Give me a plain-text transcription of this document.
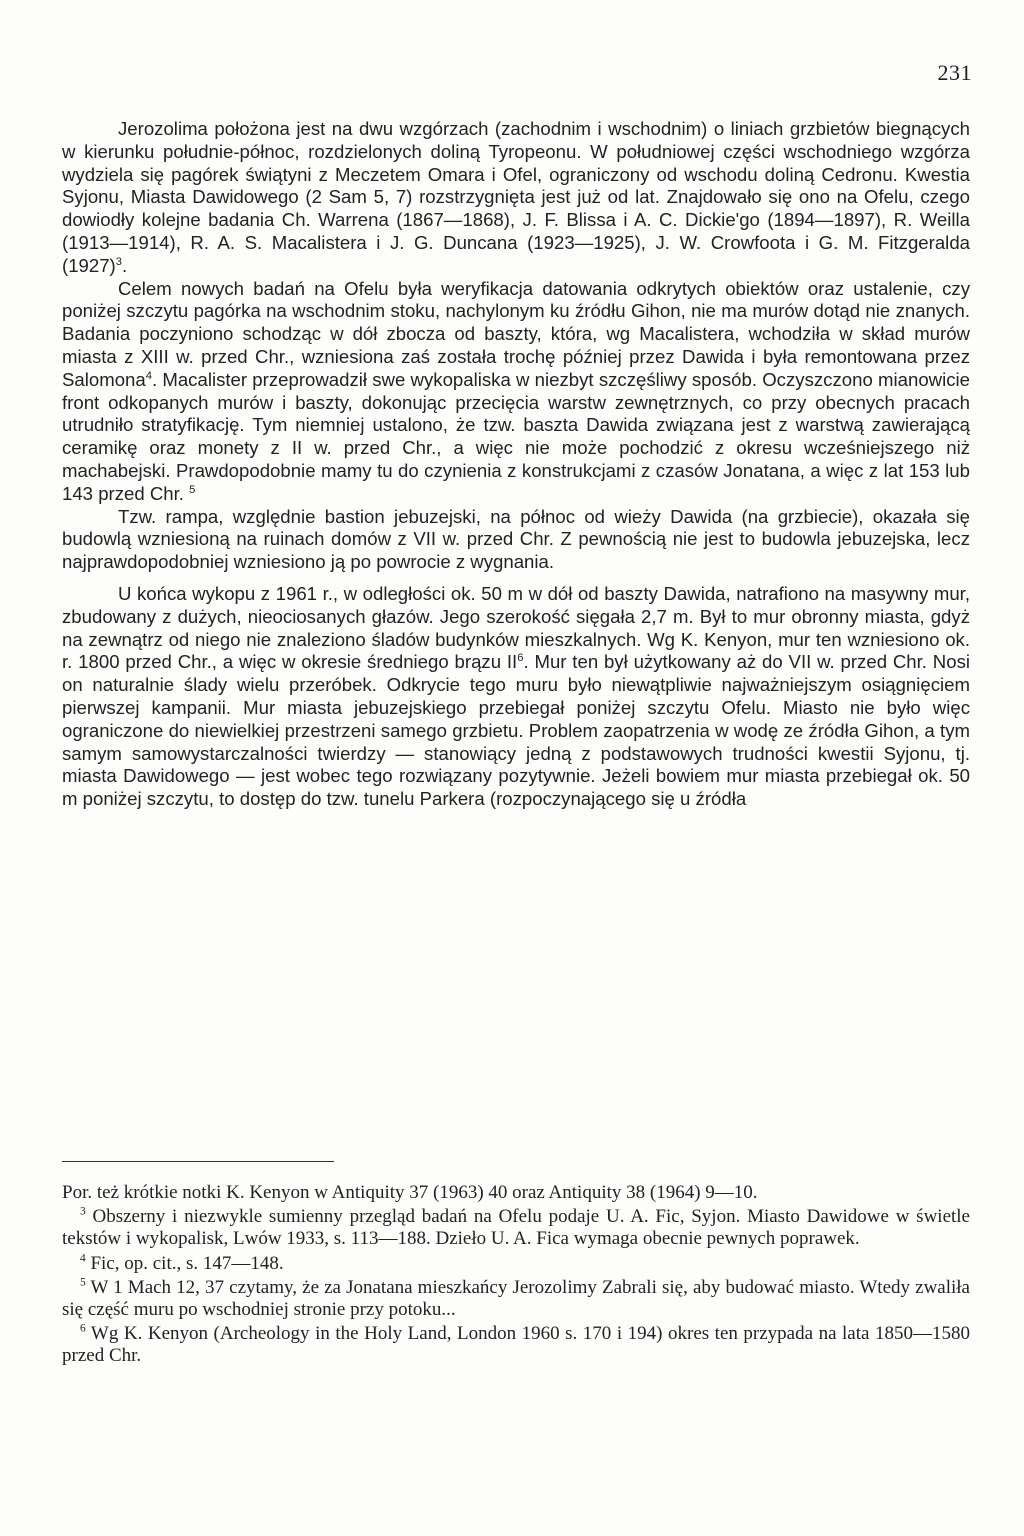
231

Jerozolima położona jest na dwu wzgórzach (zachodnim i wschodnim) o liniach grzbietów biegnących w kierunku południe-północ, rozdzielonych doliną Tyropeonu. W południowej części wschodniego wzgórza wydziela się pagórek świątyni z Meczetem Omara i Ofel, ograniczony od wschodu doliną Cedronu. Kwestia Syjonu, Miasta Dawidowego (2 Sam 5, 7) rozstrzygnięta jest już od lat. Znajdowało się ono na Ofelu, czego dowiodły kolejne badania Ch. Warrena (1867—1868), J. F. Blissa i A. C. Dickie'go (1894—1897), R. Weilla (1913—1914), R. A. S. Macalistera i J. G. Duncana (1923—1925), J. W. Crowfoota i G. M. Fitzgeralda $(1927)^3$.

Celem nowych badań na Ofelu była weryfikacja datowania odkrytych obiektów oraz ustalenie, czy poniżej szczytu pagórka na wschodnim stoku, nachylonym ku źródłu Gihon, nie ma murów dotąd nie znanych. Badania poczyniono schodząc w dół zbocza od baszty, która, wg Macalistera, wchodziła w skład murów miasta z XIII w. przed Chr., wzniesiona zaś została trochę później przez Dawida i była remontowana przez Salomona$^4$. Macalister przeprowadził swe wykopaliska w niezbyt szczęśliwy sposób. Oczyszczono mianowicie front odkopanych murów i baszty, dokonując przecięcia warstw zewnętrznych, co przy obecnych pracach utrudniło stratyfikację. Tym niemniej ustalono, że tzw. baszta Dawida związana jest z warstwą zawierającą ceramikę oraz monety z II w. przed Chr., a więc nie może pochodzić z okresu wcześniejszego niż machabejski. Prawdopodobnie mamy tu do czynienia z konstrukcjami z czasów Jonatana, a więc z lat 153 lub 143 przed Chr. $^5$

Tzw. rampa, względnie bastion jebuzejski, na północ od wieży Dawida (na grzbiecie), okazała się budowlą wzniesioną na ruinach domów z VII w. przed Chr. Z pewnością nie jest to budowla jebuzejska, lecz najprawdopodobniej wzniesiono ją po powrocie z wygnania.

U końca wykopu z 1961 r., w odległości ok. 50 m w dół od baszty Dawida, natrafiono na masywny mur, zbudowany z dużych, nieociosanych głazów. Jego szerokość sięgała 2,7 m. Był to mur obronny miasta, gdyż na zewnątrz od niego nie znaleziono śladów budynków mieszkalnych. Wg K. Kenyon, mur ten wzniesiono ok. r. 1800 przed Chr., a więc w okresie średniego brązu $II^6$. Mur ten był użytkowany aż do VII w. przed Chr. Nosi on naturalnie ślady wielu przeróbek. Odkrycie tego muru było niewątpliwie najważniejszym osiągnięciem pierwszej kampanii. Mur miasta jebuzejskiego przebiegał poniżej szczytu Ofelu. Miasto nie było więc ograniczone do niewielkiej przestrzeni samego grzbietu. Problem zaopatrzenia w wodę ze źródła Gihon, a tym samym samowystarczalności twierdzy — stanowiący jedną z podstawowych trudności kwestii Syjonu, tj. miasta Dawidowego — jest wobec tego rozwiązany pozytywnie. Jeżeli bowiem mur miasta przebiegał ok. 50 m poniżej szczytu, to dostęp do tzw. tunelu Parkera (rozpoczynającego się u źródła

Por. też krótkie notki K. Kenyon w Antiquity 37 (1963) 40 oraz Antiquity 38 (1964) 9—10.

$^3$ Obszerny i niezwykle sumienny przegląd badań na Ofelu podaje U. A. Fic, Syjon. Miasto Dawidowe w świetle tekstów i wykopalisk, Lwów 1933, s. 113—188. Dzieło U. A. Fica wymaga obecnie pewnych poprawek.

$^4$ Fic, op. cit., s. 147—148.

$^5$ W 1 Mach 12, 37 czytamy, że za Jonatana mieszkańcy Jerozolimy Zabrali się, aby budować miasto. Wtedy zwaliła się część muru po wschodniej stronie przy potoku...

$^6$ Wg K. Kenyon (Archeology in the Holy Land, London 1960 s. 170 i 194) okres ten przypada na lata 1850—1580 przed Chr.
